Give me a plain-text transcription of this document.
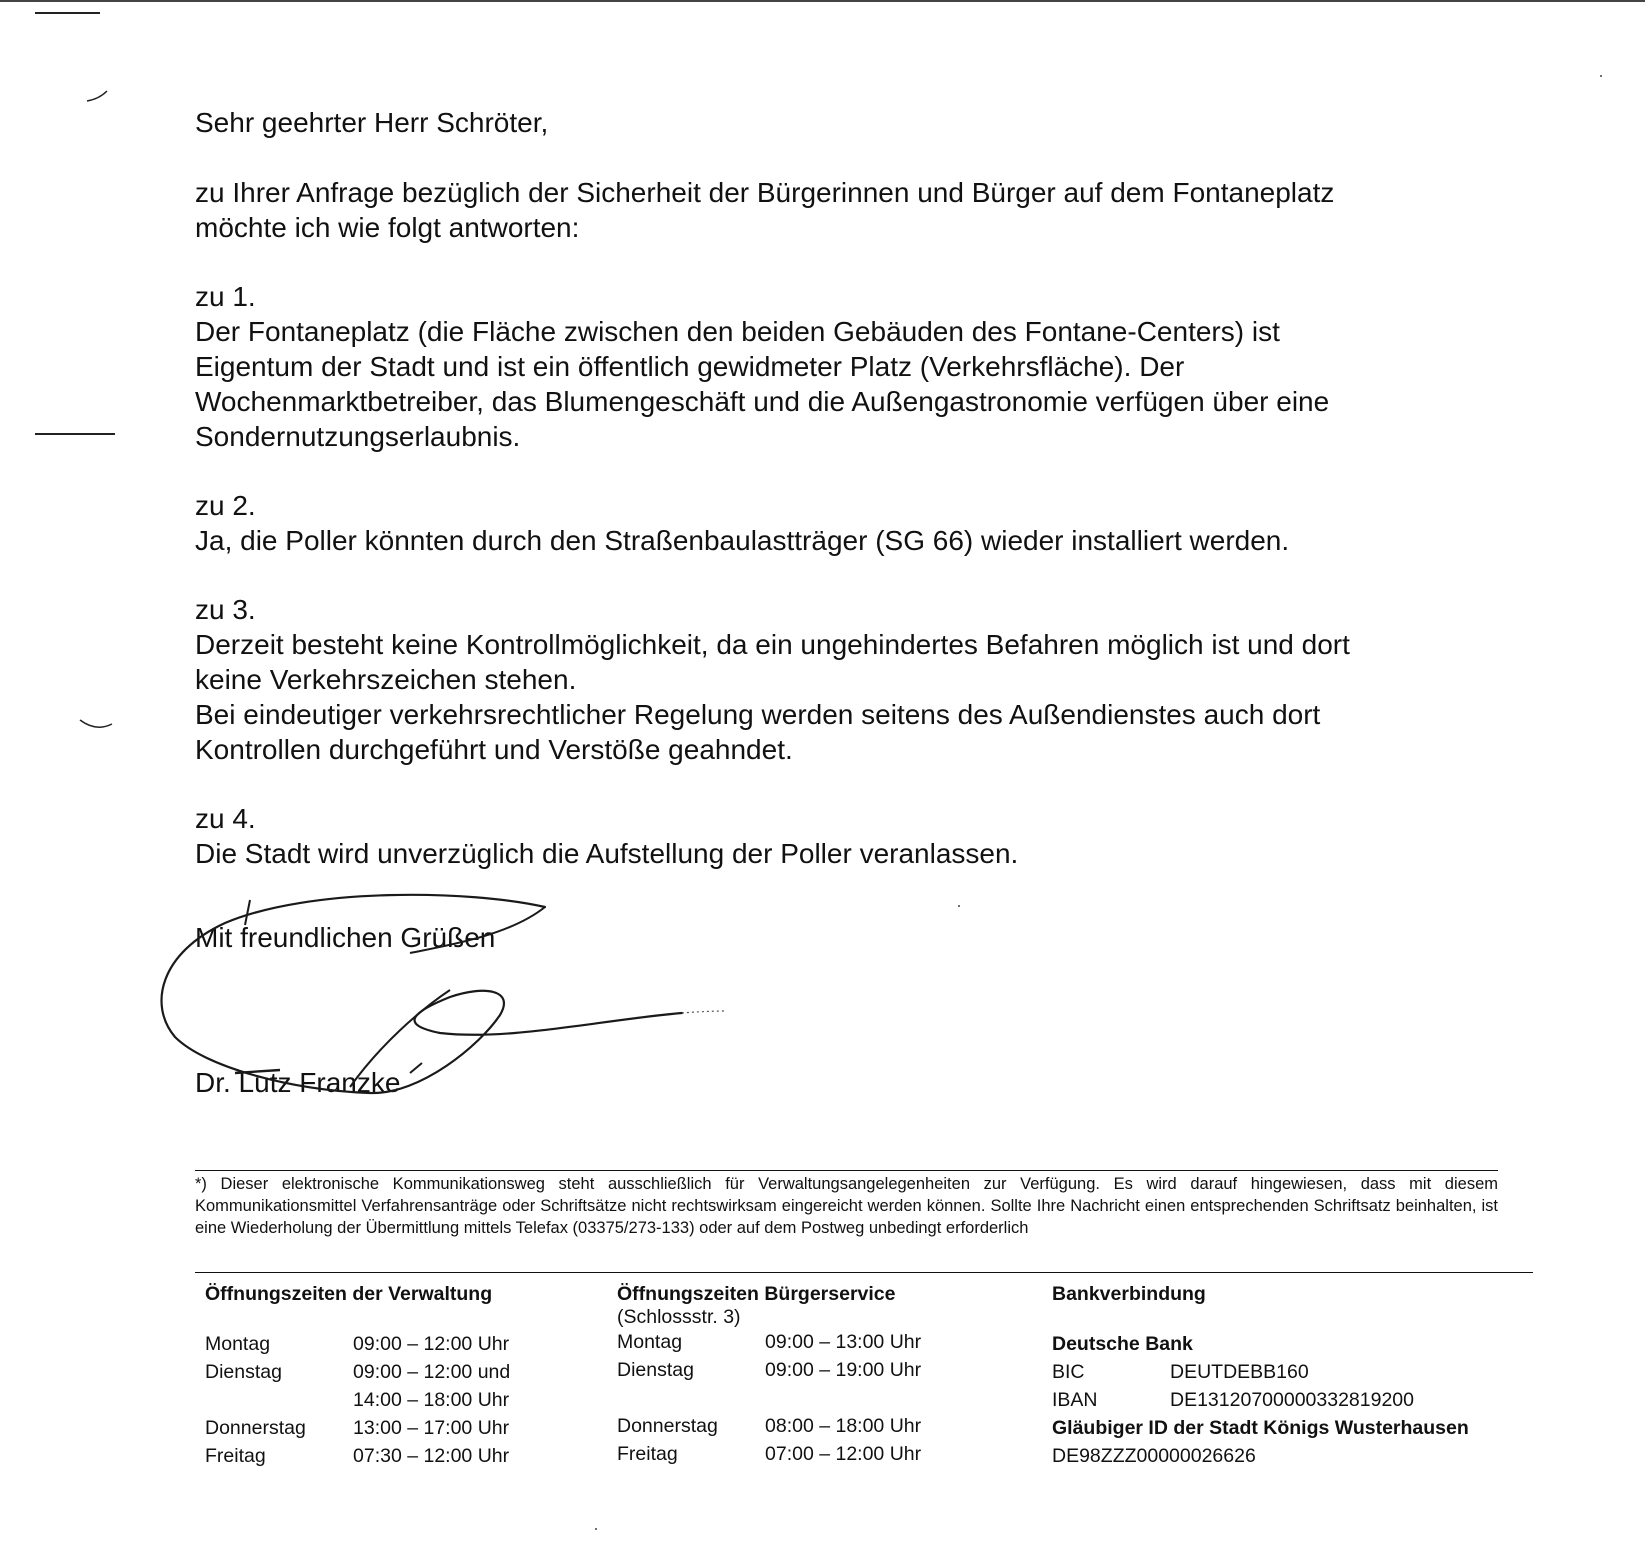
Sehr geehrter Herr Schröter,

zu Ihrer Anfrage bezüglich der Sicherheit der Bürgerinnen und Bürger auf dem Fontaneplatz

möchte ich wie folgt antworten:

zu 1.

Der Fontaneplatz (die Fläche zwischen den beiden Gebäuden des Fontane-Centers) ist

Eigentum der Stadt und ist ein öffentlich gewidmeter Platz (Verkehrsfläche). Der

Wochenmarktbetreiber, das Blumengeschäft und die Außengastronomie verfügen über eine

Sondernutzungserlaubnis.

zu 2.

Ja, die Poller könnten durch den Straßenbaulastträger (SG 66) wieder installiert werden.

zu 3.

Derzeit besteht keine Kontrollmöglichkeit, da ein ungehindertes Befahren möglich ist und dort

keine Verkehrszeichen stehen.

Bei eindeutiger verkehrsrechtlicher Regelung werden seitens des Außendienstes auch dort

Kontrollen durchgeführt und Verstöße geahndet.

zu 4.

Die Stadt wird unverzüglich die Aufstellung der Poller veranlassen.

Mit freundlichen Grüßen
Dr. Lutz Franzke
*) Dieser elektronische Kommunikationsweg steht ausschließlich für Verwaltungsangelegenheiten zur Verfügung. Es wird darauf hingewiesen, dass mit diesem Kommunikationsmittel Verfahrensanträge oder Schriftsätze nicht rechtswirksam eingereicht werden können. Sollte Ihre Nachricht einen entsprechenden Schriftsatz beinhalten, ist eine Wiederholung der Übermittlung mittels Telefax (03375/273-133) oder auf dem Postweg unbedingt erforderlich
Öffnungszeiten der Verwaltung
Montag	09:00 – 12:00 Uhr
Dienstag	09:00 – 12:00 und
14:00 – 18:00 Uhr
Donnerstag	13:00 – 17:00 Uhr
Freitag	07:30 – 12:00 Uhr
Öffnungszeiten Bürgerservice
(Schlossstr. 3)
Montag	09:00 – 13:00 Uhr
Dienstag	09:00 – 19:00 Uhr
Donnerstag	08:00 – 18:00 Uhr
Freitag	07:00 – 12:00 Uhr
Bankverbindung
Deutsche Bank
BIC	DEUTDEBB160
IBAN	DE13120700000332819200
Gläubiger ID der Stadt Königs Wusterhausen
DE98ZZZ00000026626
